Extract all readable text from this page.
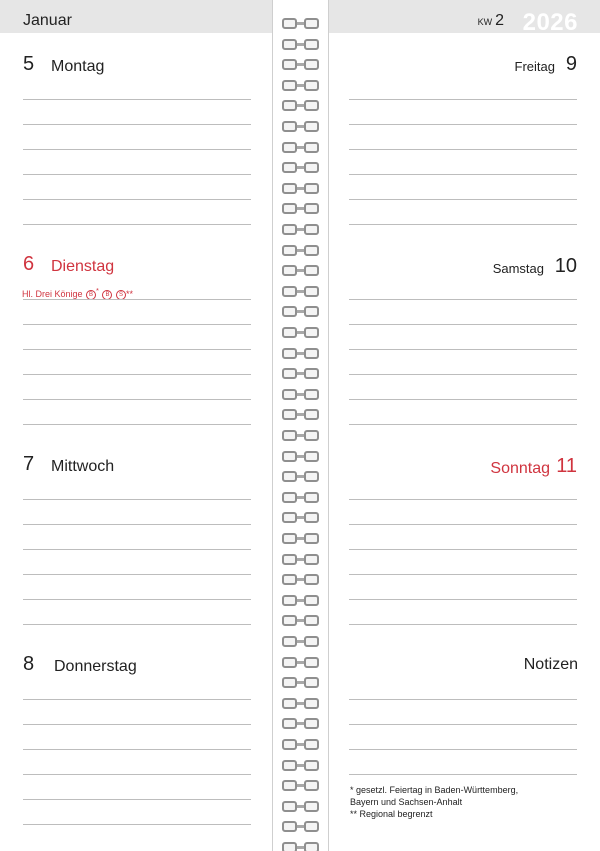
Januar
5 Montag
6 Dienstag
Hl. Drei Könige B * B S **
7 Mittwoch
8 Donnerstag
KW 2 2026
9
Freitag
10
Samstag
11
Sonntag
Notizen
* gesetzl. Feiertag in Baden-Württemberg,
Bayern und Sachsen-Anhalt
** Regional begrenzt
